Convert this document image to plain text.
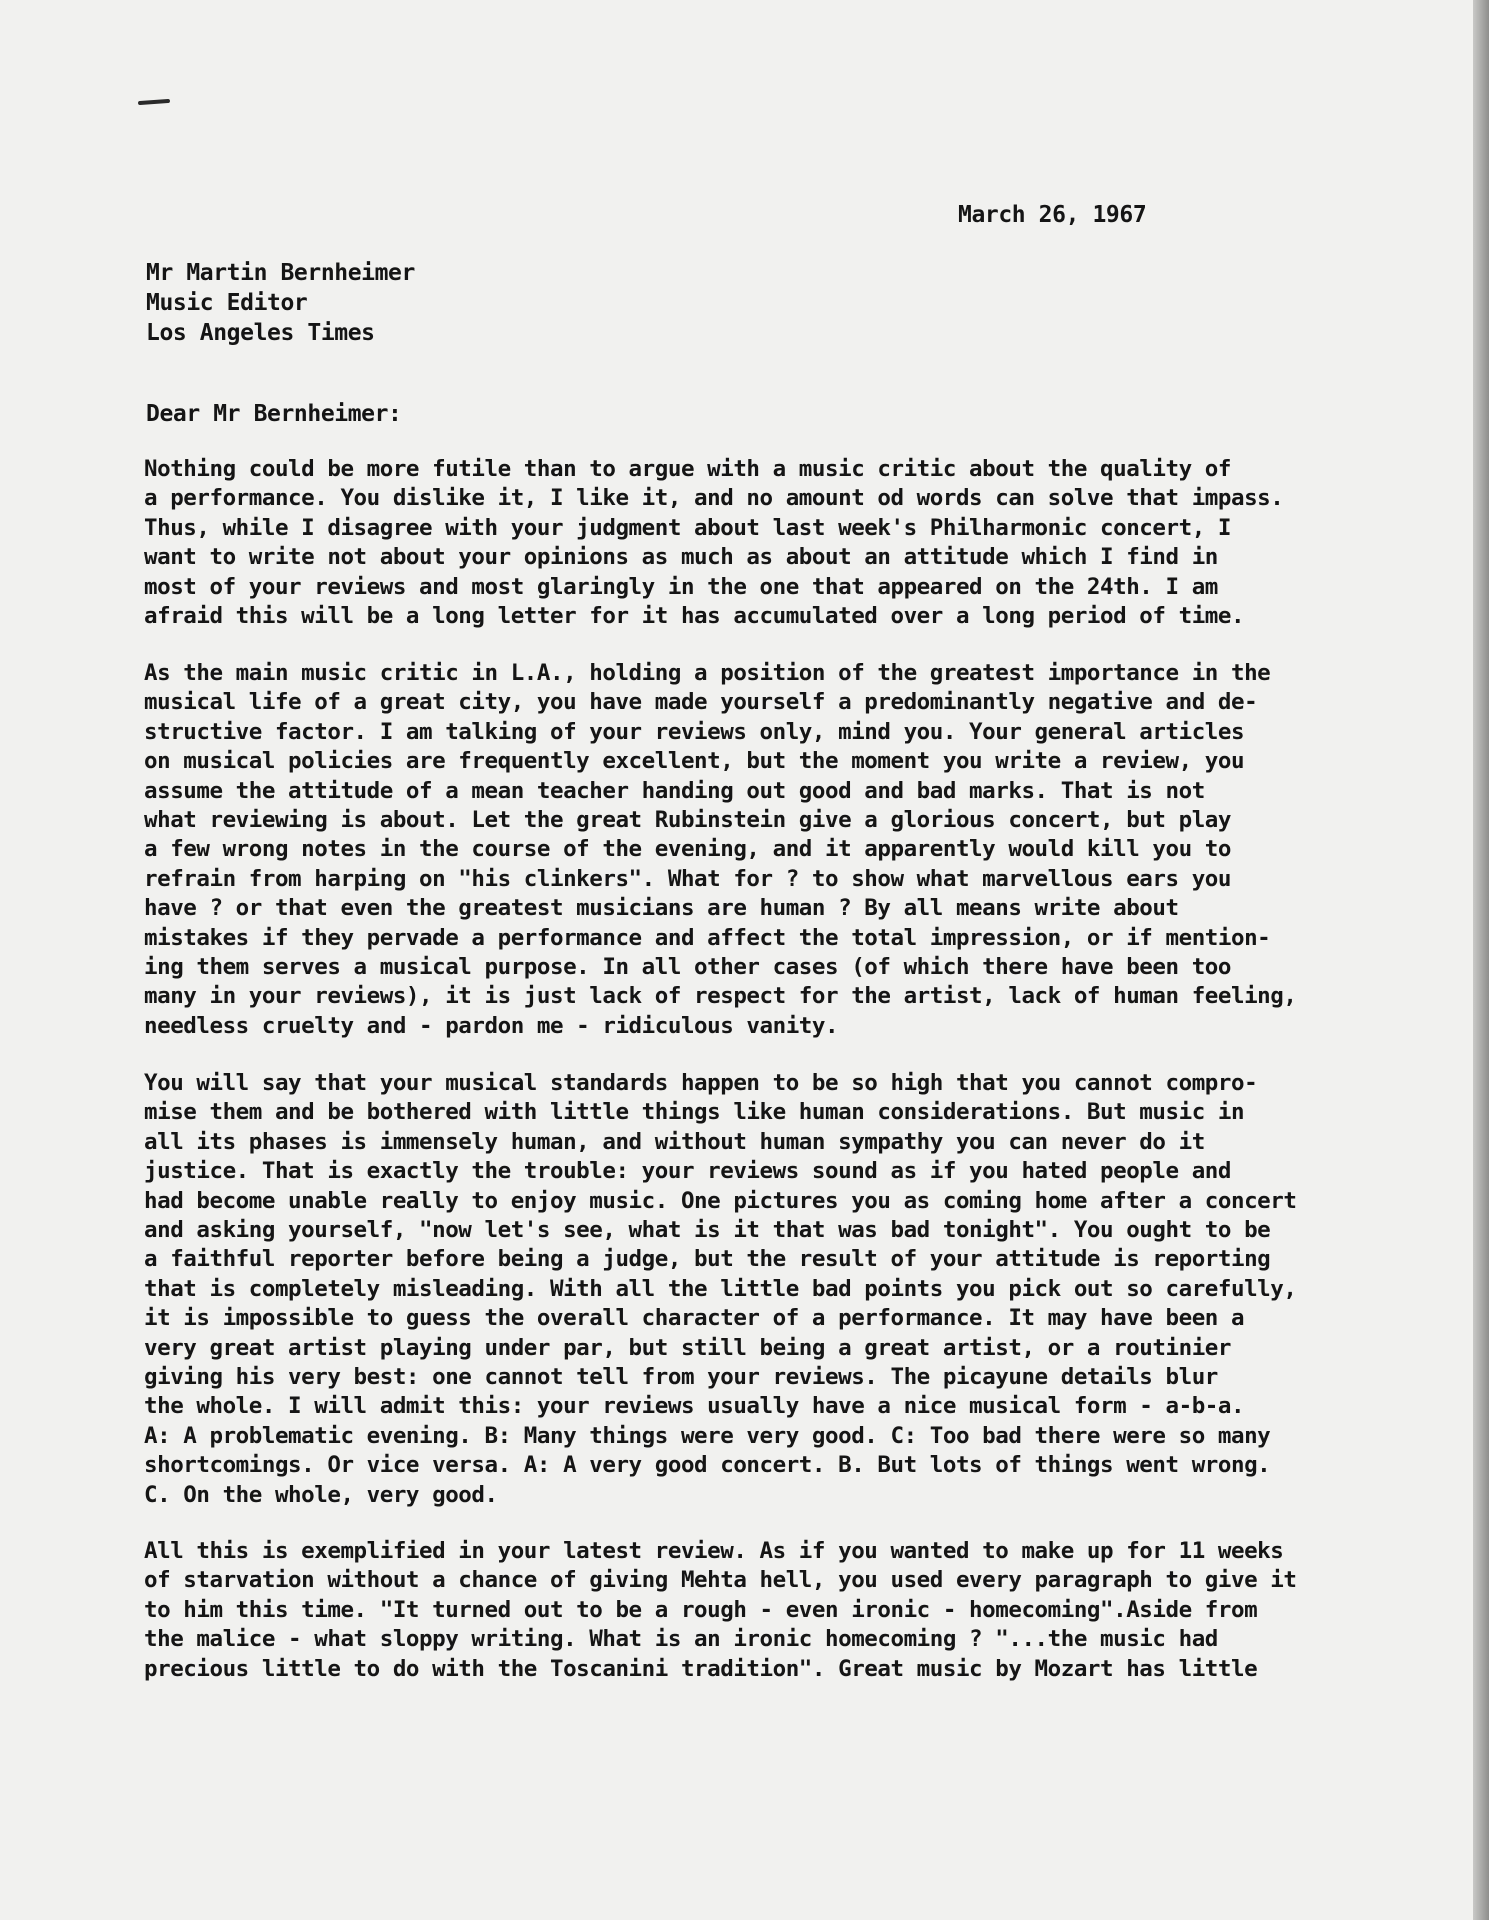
March 26, 1967
Mr Martin Bernheimer
Music Editor
Los Angeles Times
Dear Mr Bernheimer:
Nothing could be more futile than to argue with a music critic about the quality of
a performance. You dislike it, I like it, and no amount od words can solve that impass.
Thus, while I disagree with your judgment about last week's Philharmonic concert, I
want to write not about your opinions as much as about an attitude which I find in
most of your reviews and most glaringly in the one that appeared on the 24th. I am
afraid this will be a long letter for it has accumulated over a long period of time.
As the main music critic in L.A., holding a position of the greatest importance in the
musical life of a great city, you have made yourself a predominantly negative and de-
structive factor. I am talking of your reviews only, mind you. Your general articles
on musical policies are frequently excellent, but the moment you write a review, you
assume the attitude of a mean teacher handing out good and bad marks. That is not
what reviewing is about. Let the great Rubinstein give a glorious concert, but play
a few wrong notes in the course of the evening, and it apparently would kill you to
refrain from harping on "his clinkers". What for ? to show what marvellous ears you
have ? or that even the greatest musicians are human ? By all means write about
mistakes if they pervade a performance and affect the total impression, or if mention-
ing them serves a musical purpose. In all other cases (of which there have been too
many in your reviews), it is just lack of respect for the artist, lack of human feeling,
needless cruelty and - pardon me - ridiculous vanity.
You will say that your musical standards happen to be so high that you cannot compro-
mise them and be bothered with little things like human considerations. But music in
all its phases is immensely human, and without human sympathy you can never do it
justice. That is exactly the trouble: your reviews sound as if you hated people and
had become unable really to enjoy music. One pictures you as coming home after a concert
and asking yourself, "now let's see, what is it that was bad tonight". You ought to be
a faithful reporter before being a judge, but the result of your attitude is reporting
that is completely misleading. With all the little bad points you pick out so carefully,
it is impossible to guess the overall character of a performance. It may have been a
very great artist playing under par, but still being a great artist, or a routinier
giving his very best: one cannot tell from your reviews. The picayune details blur
the whole. I will admit this: your reviews usually have a nice musical form - a-b-a.
A: A problematic evening. B: Many things were very good. C: Too bad there were so many
shortcomings. Or vice versa. A: A very good concert. B. But lots of things went wrong.
C. On the whole, very good.
All this is exemplified in your latest review. As if you wanted to make up for 11 weeks
of starvation without a chance of giving Mehta hell, you used every paragraph to give it
to him this time. "It turned out to be a rough - even ironic - homecoming".Aside from
the malice - what sloppy writing. What is an ironic homecoming ? "...the music had
precious little to do with the Toscanini tradition". Great music by Mozart has little
